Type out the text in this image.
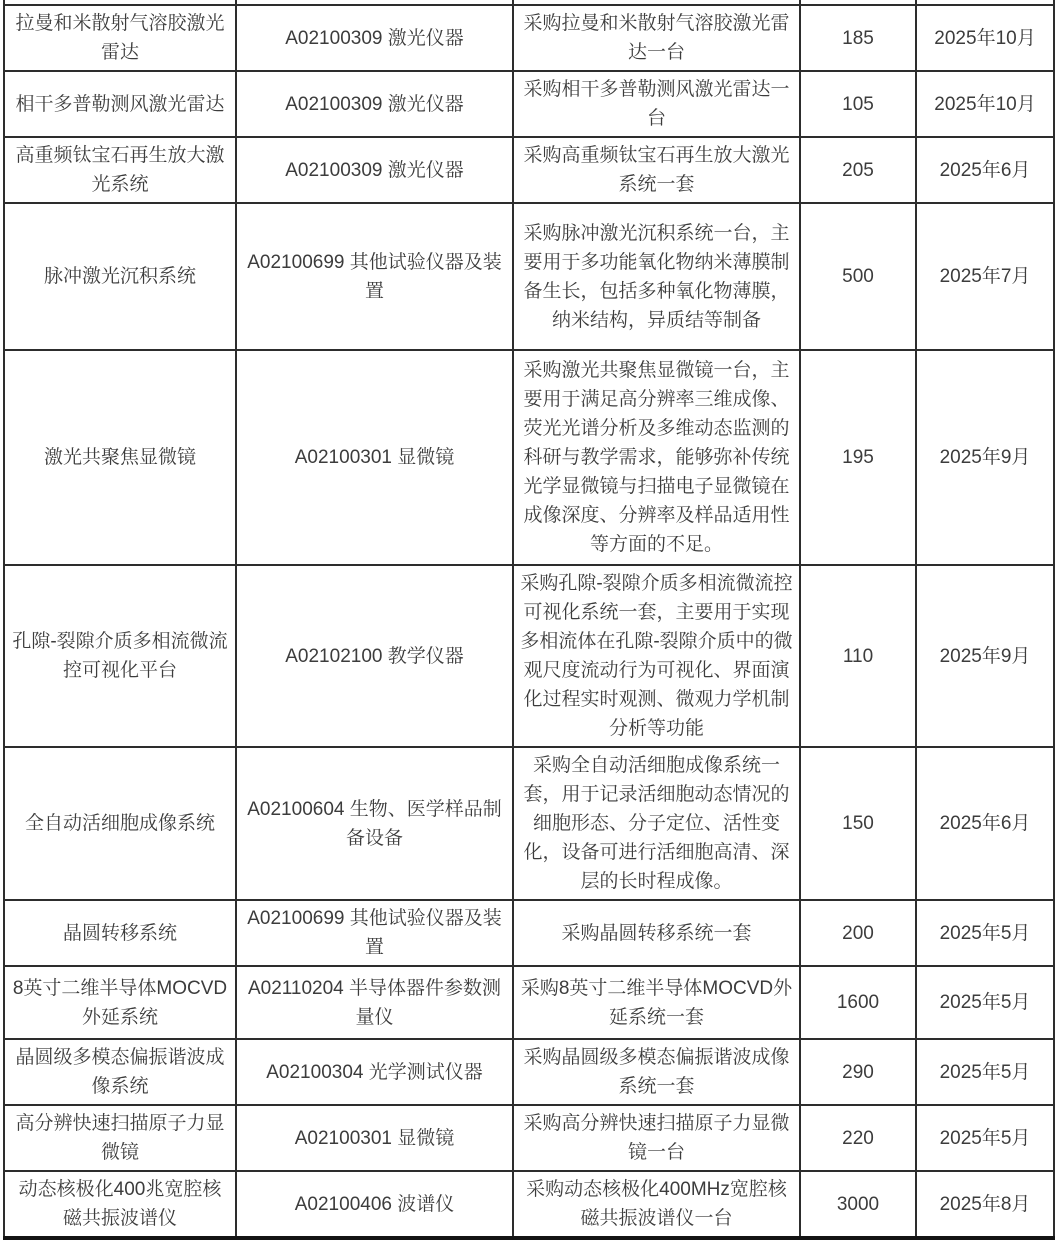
拉曼和米散射气溶胶激光雷达	A02100309 激光仪器	采购拉曼和米散射气溶胶激光雷达一台	185	2025年10月
相干多普勒测风激光雷达	A02100309 激光仪器	采购相干多普勒测风激光雷达一台	105	2025年10月
高重频钛宝石再生放大激光系统	A02100309 激光仪器	采购高重频钛宝石再生放大激光系统一套	205	2025年6月
脉冲激光沉积系统	A02100699 其他试验仪器及装置	采购脉冲激光沉积系统一台，主要用于多功能氧化物纳米薄膜制备生长，包括多种氧化物薄膜，纳米结构，异质结等制备	500	2025年7月
激光共聚焦显微镜	A02100301 显微镜	采购激光共聚焦显微镜一台，主要用于满足高分辨率三维成像、荧光光谱分析及多维动态监测的科研与教学需求，能够弥补传统光学显微镜与扫描电子显微镜在成像深度、分辨率及样品适用性等方面的不足。	195	2025年9月
孔隙-裂隙介质多相流微流控可视化平台	A02102100 教学仪器	采购孔隙-裂隙介质多相流微流控可视化系统一套，主要用于实现多相流体在孔隙-裂隙介质中的微观尺度流动行为可视化、界面演化过程实时观测、微观力学机制分析等功能	110	2025年9月
全自动活细胞成像系统	A02100604 生物、医学样品制备设备	采购全自动活细胞成像系统一套，用于记录活细胞动态情况的细胞形态、分子定位、活性变化，设备可进行活细胞高清、深层的长时程成像。	150	2025年6月
晶圆转移系统	A02100699 其他试验仪器及装置	采购晶圆转移系统一套	200	2025年5月
8英寸二维半导体MOCVD外延系统	A02110204 半导体器件参数测量仪	采购8英寸二维半导体MOCVD外延系统一套	1600	2025年5月
晶圆级多模态偏振谐波成像系统	A02100304 光学测试仪器	采购晶圆级多模态偏振谐波成像系统一套	290	2025年5月
高分辨快速扫描原子力显微镜	A02100301 显微镜	采购高分辨快速扫描原子力显微镜一台	220	2025年5月
动态核极化400兆宽腔核磁共振波谱仪	A02100406 波谱仪	采购动态核极化400MHz宽腔核磁共振波谱仪一台	3000	2025年8月
